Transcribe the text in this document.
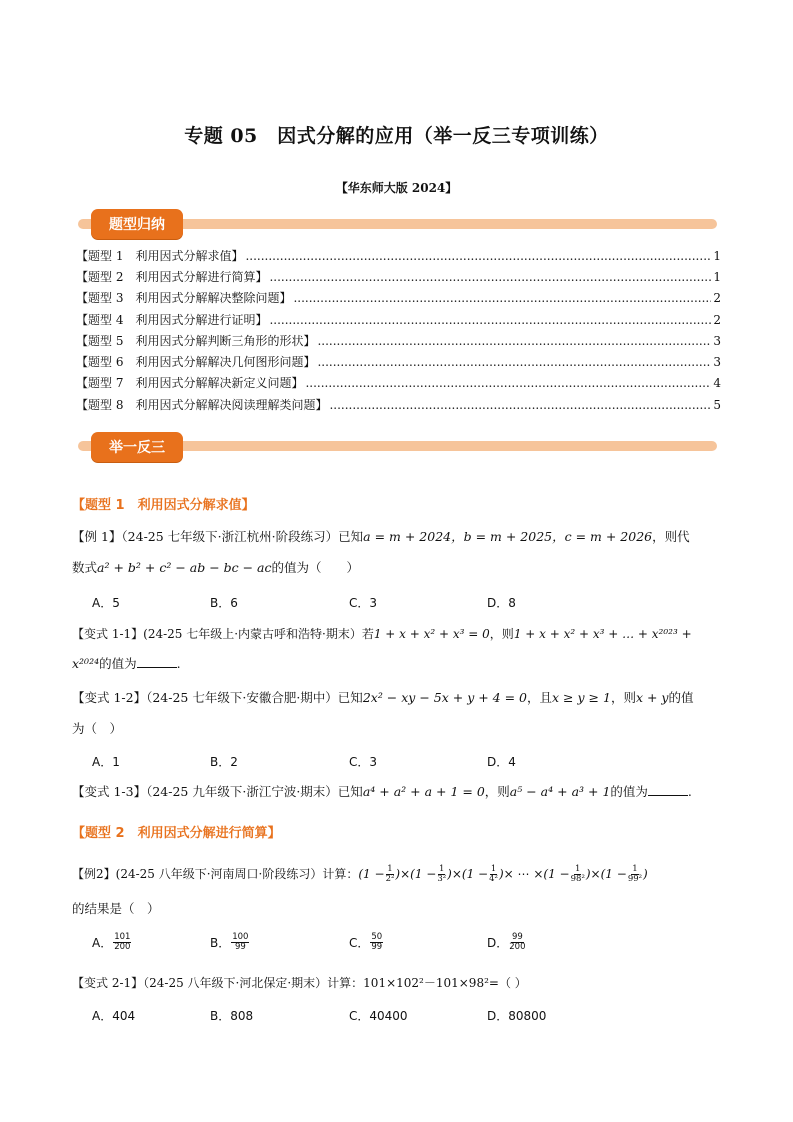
专题 05　因式分解的应用（举一反三专项训练）
【华东师大版 2024】
题型归纳
【题型 1　利用因式分解求值】 .....	1
【题型 2　利用因式分解进行简算】 .....	1
【题型 3　利用因式分解解决整除问题】 .....	2
【题型 4　利用因式分解进行证明】 .....	2
【题型 5　利用因式分解判断三角形的形状】 .....	3
【题型 6　利用因式分解解决几何图形问题】 .....	3
【题型 7　利用因式分解解决新定义问题】 .....	4
【题型 8　利用因式分解解决阅读理解类问题】 .....	5
举一反三
【题型 1　利用因式分解求值】
【例 1】（24-25 七年级下·浙江杭州·阶段练习）已知a = m + 2024，b = m + 2025，c = m + 2026，则代
数式a² + b² + c² − ab − bc − ac的值为（　　）
A．5	B．6	C．3	D．8
【变式 1-1】(24-25 七年级上·内蒙古呼和浩特·期末）若1 + x + x² + x³ = 0，则1 + x + x² + x³ + … + x²⁰²³ +
x²⁰²⁴的值为	.
【变式 1-2】（24-25 七年级下·安徽合肥·期中）已知2x² − xy − 5x + y + 4 = 0，且x ≥ y ≥ 1，则x + y的值
为（　）
A．1	B．2	C．3	D．4
【变式 1-3】（24-25 九年级下·浙江宁波·期末）已知a⁴ + a² + a + 1 = 0，则a⁵ − a⁴ + a³ + 1的值为	.
【题型 2　利用因式分解进行简算】
【例2】(24-25 八年级下·河南周口·阶段练习）计算： ( $1 - \frac{1}{\text{2²}}$ ) × ( $1 - \frac{1}{\text{3²}}$ ) × ( $1 - \frac{1}{\text{4²}}$ ) ×
⋯
× ( $1 - \frac{1}{\text{98²}}$ ) × ( $1 - \frac{1}{\text{99²}}$ )
的结果是（　）
A． $\frac{101}{200}$	B． $\frac{100}{99}$	C． $\frac{50}{99}$	D． $\frac{99}{200}$
【变式 2-1】（24-25 八年级下·河北保定·期末）计算：101×102²－101×98²=（ ）
A．404	B．808	C．40400	D．80800
